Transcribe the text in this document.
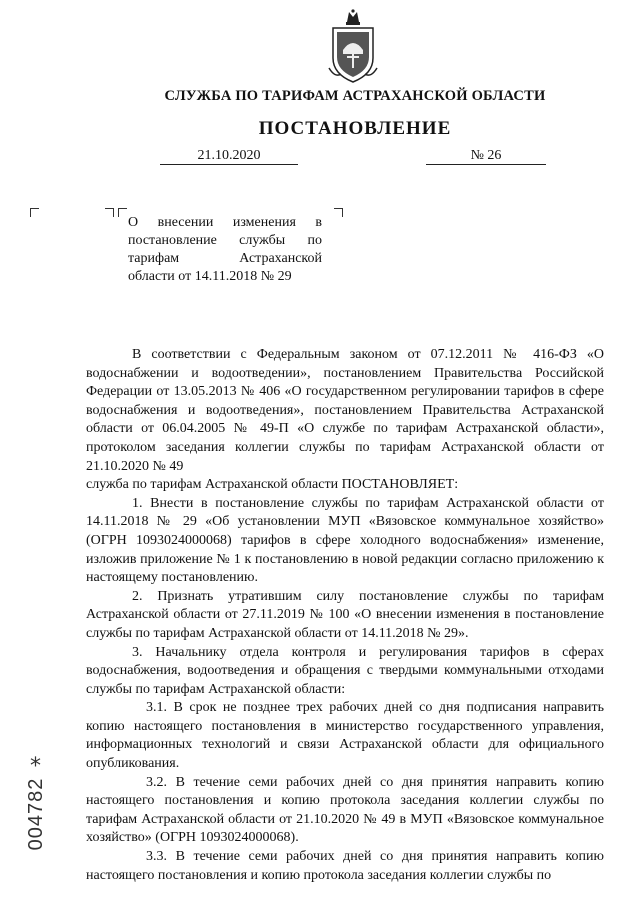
СЛУЖБА ПО ТАРИФАМ АСТРАХАНСКОЙ ОБЛАСТИ
ПОСТАНОВЛЕНИЕ
21.10.2020	№ 26
О внесении изменения в
постановление службы по
тарифам Астраханской
области от 14.11.2018 № 29

В соответствии с Федеральным законом от 07.12.2011 № 416-ФЗ «О водоснабжении и водоотведении», постановлением Правительства Российской Федерации от 13.05.2013 № 406 «О государственном регулировании тарифов в сфере водоснабжения и водоотведения», постановлением Правительства Астраханской области от 06.04.2005 № 49-П «О службе по тарифам Астраханской области», протоколом заседания коллегии службы по тарифам Астраханской области от 21.10.2020 № 49

служба по тарифам Астраханской области ПОСТАНОВЛЯЕТ:

1. Внести в постановление службы по тарифам Астраханской области от 14.11.2018 № 29 «Об установлении МУП «Вязовское коммунальное хозяйство» (ОГРН 1093024000068) тарифов в сфере холодного водоснабжения» изменение, изложив приложение № 1 к постановлению в новой редакции согласно приложению к настоящему постановлению.

2. Признать утратившим силу постановление службы по тарифам Астраханской области от 27.11.2019 № 100 «О внесении изменения в постановление службы по тарифам Астраханской области от 14.11.2018 № 29».

3. Начальнику отдела контроля и регулирования тарифов в сферах водоснабжения, водоотведения и обращения с твердыми коммунальными отходами службы по тарифам Астраханской области:

3.1. В срок не позднее трех рабочих дней со дня подписания направить копию настоящего постановления в министерство государственного управления, информационных технологий и связи Астраханской области для официального опубликования.

3.2. В течение семи рабочих дней со дня принятия направить копию настоящего постановления и копию протокола заседания коллегии службы по тарифам Астраханской области от 21.10.2020 № 49 в МУП «Вязовское коммунальное хозяйство» (ОГРН 1093024000068).

3.3. В течение семи рабочих дней со дня принятия направить копию настоящего постановления и копию протокола заседания коллегии службы по

*
004782
